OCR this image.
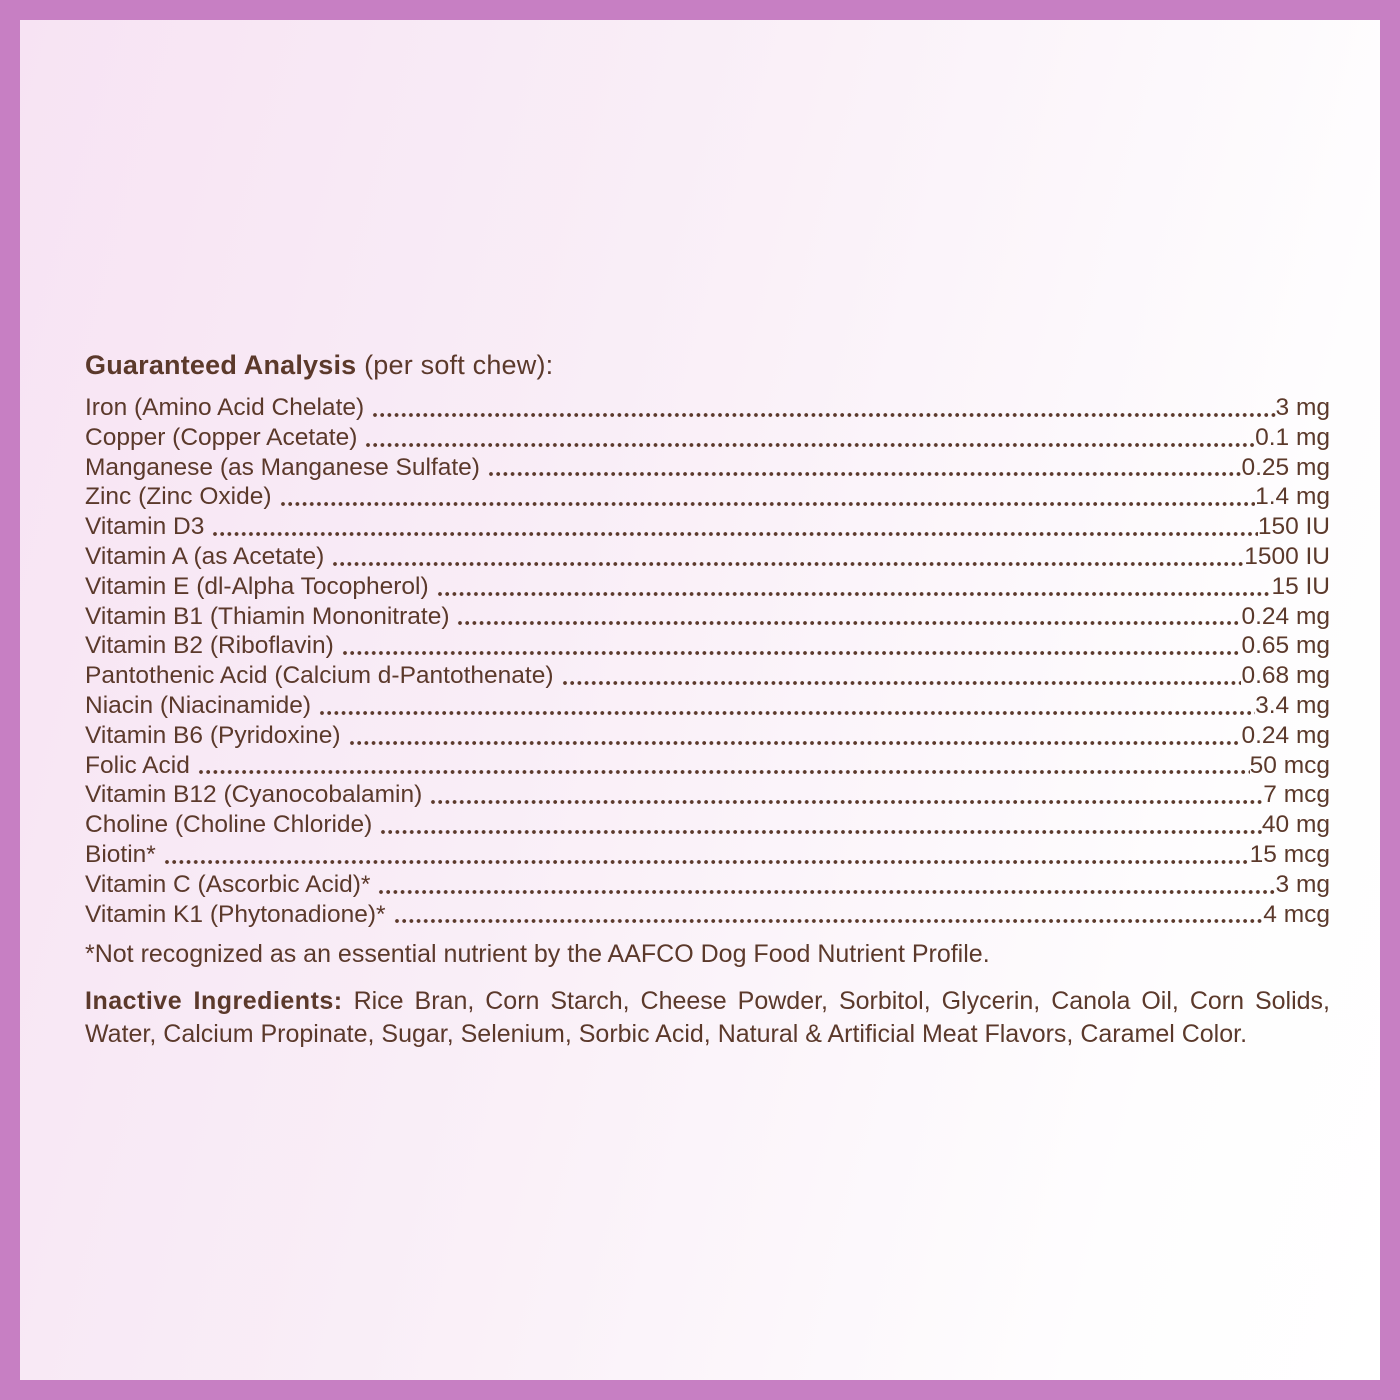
Guaranteed Analysis (per soft chew):
Iron (Amino Acid Chelate)	3 mg
Copper (Copper Acetate)	0.1 mg
Manganese (as Manganese Sulfate)	0.25 mg
Zinc (Zinc Oxide)	1.4 mg
Vitamin D3	150 IU
Vitamin A (as Acetate)	1500 IU
Vitamin E (dl-Alpha Tocopherol)	15 IU
Vitamin B1 (Thiamin Mononitrate)	0.24 mg
Vitamin B2 (Riboflavin)	0.65 mg
Pantothenic Acid (Calcium d-Pantothenate)	0.68 mg
Niacin (Niacinamide)	3.4 mg
Vitamin B6 (Pyridoxine)	0.24 mg
Folic Acid	50 mcg
Vitamin B12 (Cyanocobalamin)	7 mcg
Choline (Choline Chloride)	40 mg
Biotin*	15 mcg
Vitamin C (Ascorbic Acid)*	3 mg
Vitamin K1 (Phytonadione)*	4 mcg

*Not recognized as an essential nutrient by the AAFCO Dog Food Nutrient Profile.

Inactive Ingredients: Rice Bran, Corn Starch, Cheese Powder, Sorbitol, Glycerin, Canola Oil, Corn Solids, Water, Calcium Propinate, Sugar, Selenium, Sorbic Acid, Natural & Artificial Meat Flavors, Caramel Color.
